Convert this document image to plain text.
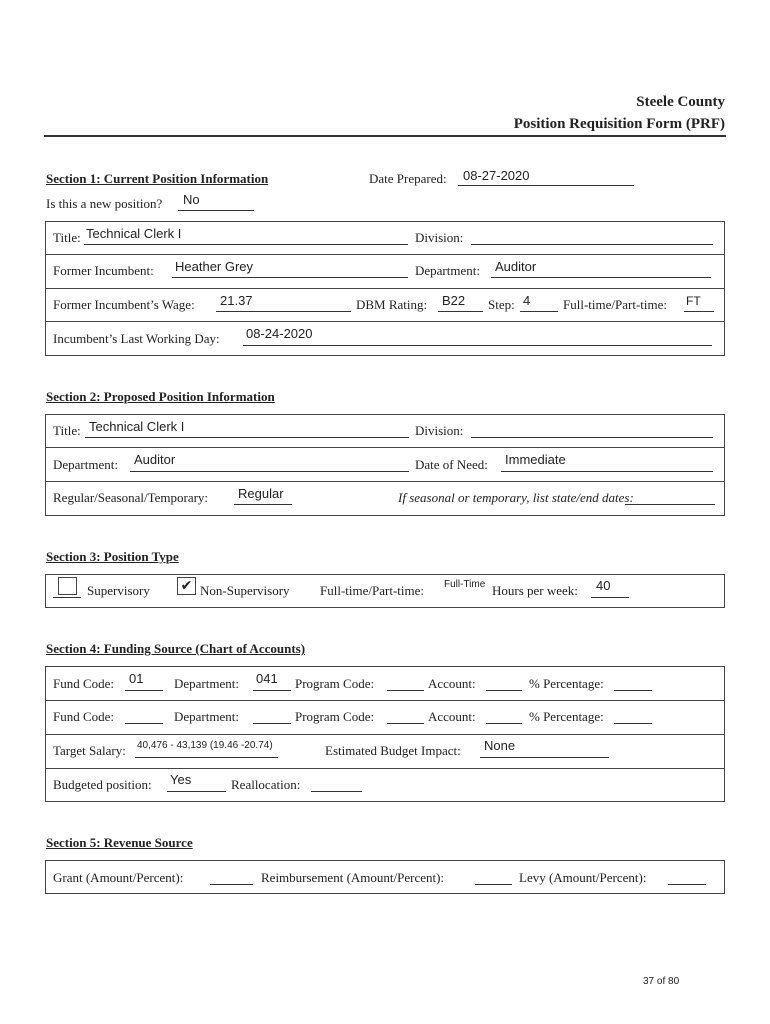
Steele County
Position Requisition Form (PRF)
Section 1: Current Position Information	Date Prepared: 08-27-2020
Is this a new position? No
Title: Technical Clerk I	Division:
Former Incumbent: Heather Grey	Department: Auditor
Former Incumbent’s Wage: 21.37	DBM Rating: B22 Step: 4	Full-time/Part-time: FT
Incumbent’s Last Working Day: 08-24-2020
Section 2: Proposed Position Information
Title: Technical Clerk I	Division:
Department: Auditor	Date of Need: Immediate
Regular/Seasonal/Temporary: Regular	If seasonal or temporary, list state/end dates:
Section 3: Position Type
Supervisory ✔ Non-Supervisory Full-time/Part-time: Full-Time Hours per week: 40
Section 4: Funding Source (Chart of Accounts)
Fund Code: 01 Department: 041 Program Code:	Account:	% Percentage:
Fund Code:	Department:	Program Code:	Account:	% Percentage:
Target Salary: 40,476 - 43,139 (19.46 -20.74)	Estimated Budget Impact: None
Budgeted position: Yes	Reallocation:
Section 5: Revenue Source
Grant (Amount/Percent):	Reimbursement (Amount/Percent):	Levy (Amount/Percent):
37 of 80
